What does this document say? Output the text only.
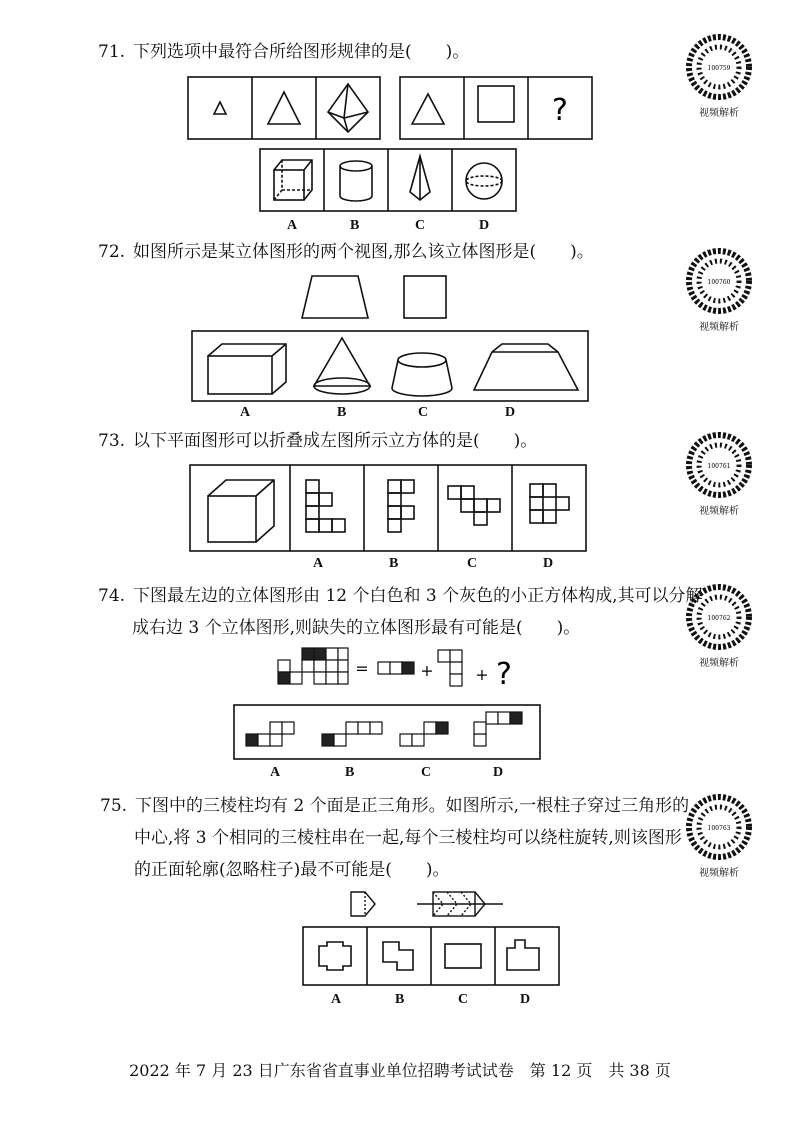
71. 下列选项中最符合所给图形规律的是(　　)。
?
A	B	C	D
72. 如图所示是某立体图形的两个视图,那么该立体图形是(　　)。
A	B	C	D
73. 以下平面图形可以折叠成左图所示立方体的是(　　)。
A	B	C	D
74. 下图最左边的立体图形由 12 个白色和 3 个灰色的小正方体构成,其可以分解
成右边 3 个立体图形,则缺失的立体图形最有可能是(　　)。
=	+	+ ?
A	B	C	D
75. 下图中的三棱柱均有 2 个面是正三角形。如图所示,一根柱子穿过三角形的
中心,将 3 个相同的三棱柱串在一起,每个三棱柱均可以绕柱旋转,则该图形
的正面轮廓(忽略柱子)最不可能是(　　)。
A	B	C	D
100759
视频解析
100760
视频解析
100761
视频解析
100762
视频解析
100763
视频解析
2022 年 7 月 23 日广东省省直事业单位招聘考试试卷　第 12 页　共 38 页
